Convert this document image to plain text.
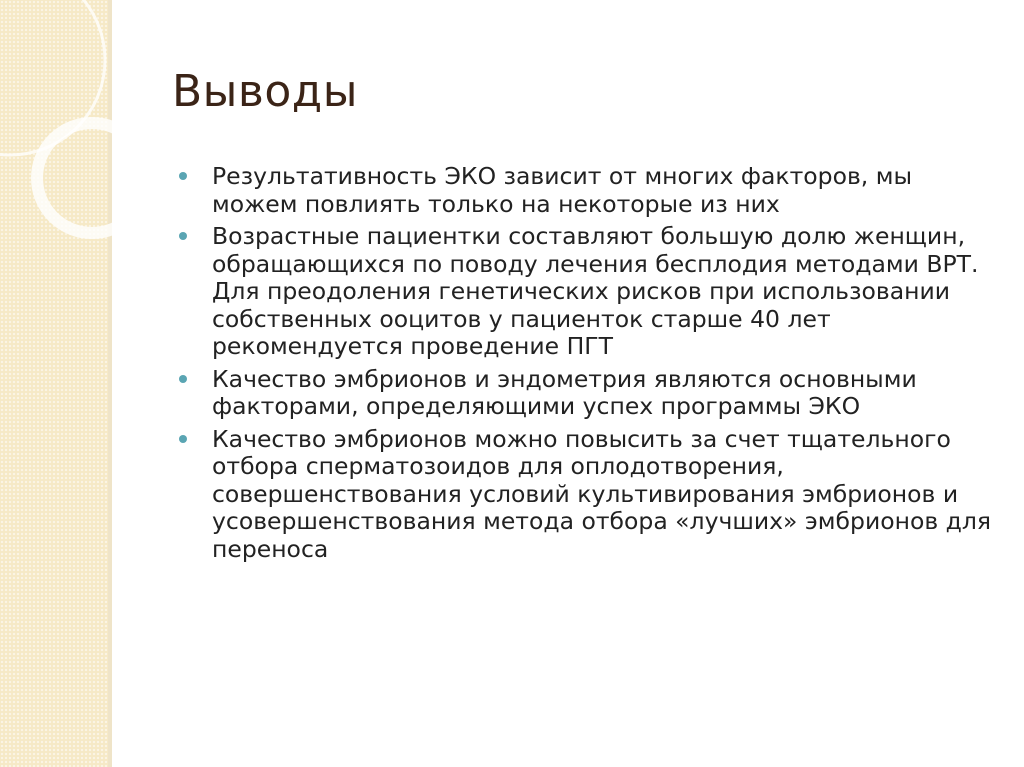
Выводы
Результативность ЭКО зависит от многих факторов, мы можем повлиять только на некоторые из них
Возрастные пациентки составляют большую долю женщин, обращающихся по поводу лечения бесплодия методами ВРТ. Для преодоления генетических рисков при использовании собственных ооцитов у пациенток старше 40 лет рекомендуется проведение ПГТ
Качество эмбрионов и эндометрия являются основными факторами, определяющими успех программы ЭКО
Качество эмбрионов можно повысить за счет тщательного отбора сперматозоидов для оплодотворения, совершенствования условий культивирования эмбрионов и усовершенствования метода отбора «лучших» эмбрионов для переноса
